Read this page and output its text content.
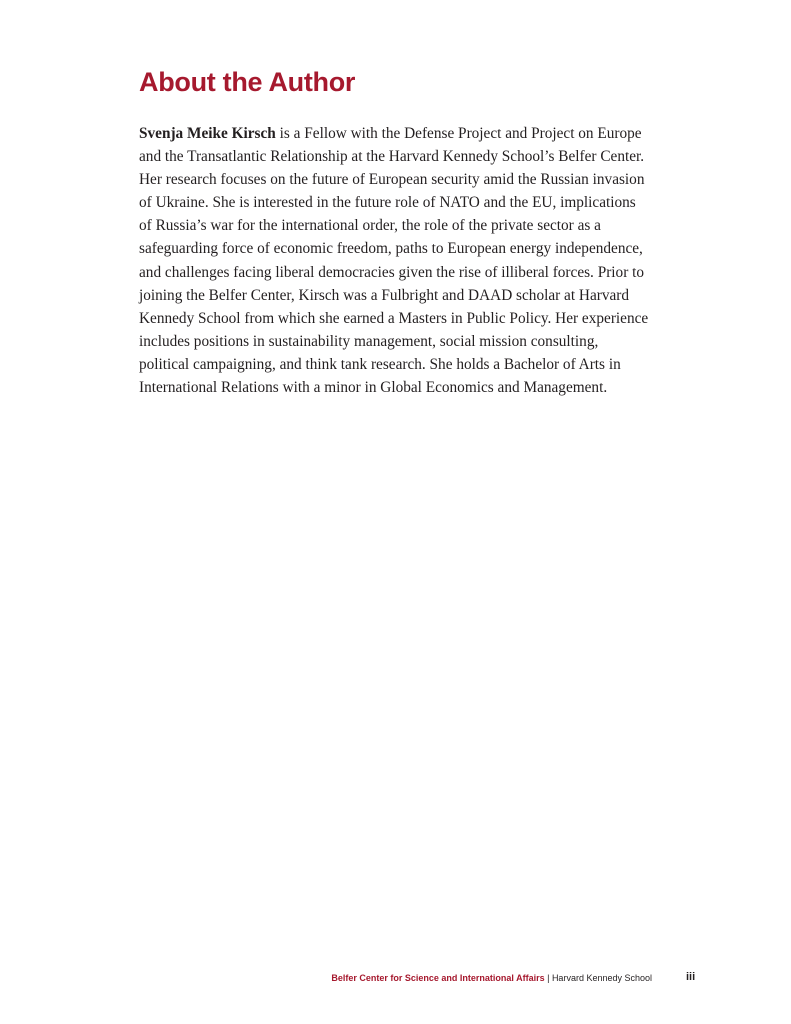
About the Author

Svenja Meike Kirsch is a Fellow with the Defense Project and Project on Europe
and the Transatlantic Relationship at the Harvard Kennedy School’s Belfer Center.
Her research focuses on the future of European security amid the Russian invasion
of Ukraine. She is interested in the future role of NATO and the EU, implications
of Russia’s war for the international order, the role of the private sector as a
safeguarding force of economic freedom, paths to European energy independence,
and challenges facing liberal democracies given the rise of illiberal forces. Prior to
joining the Belfer Center, Kirsch was a Fulbright and DAAD scholar at Harvard
Kennedy School from which she earned a Masters in Public Policy. Her experience
includes positions in sustainability management, social mission consulting,
political campaigning, and think tank research. She holds a Bachelor of Arts in
International Relations with a minor in Global Economics and Management.

Belfer Center for Science and International Affairs | Harvard Kennedy School	iii
